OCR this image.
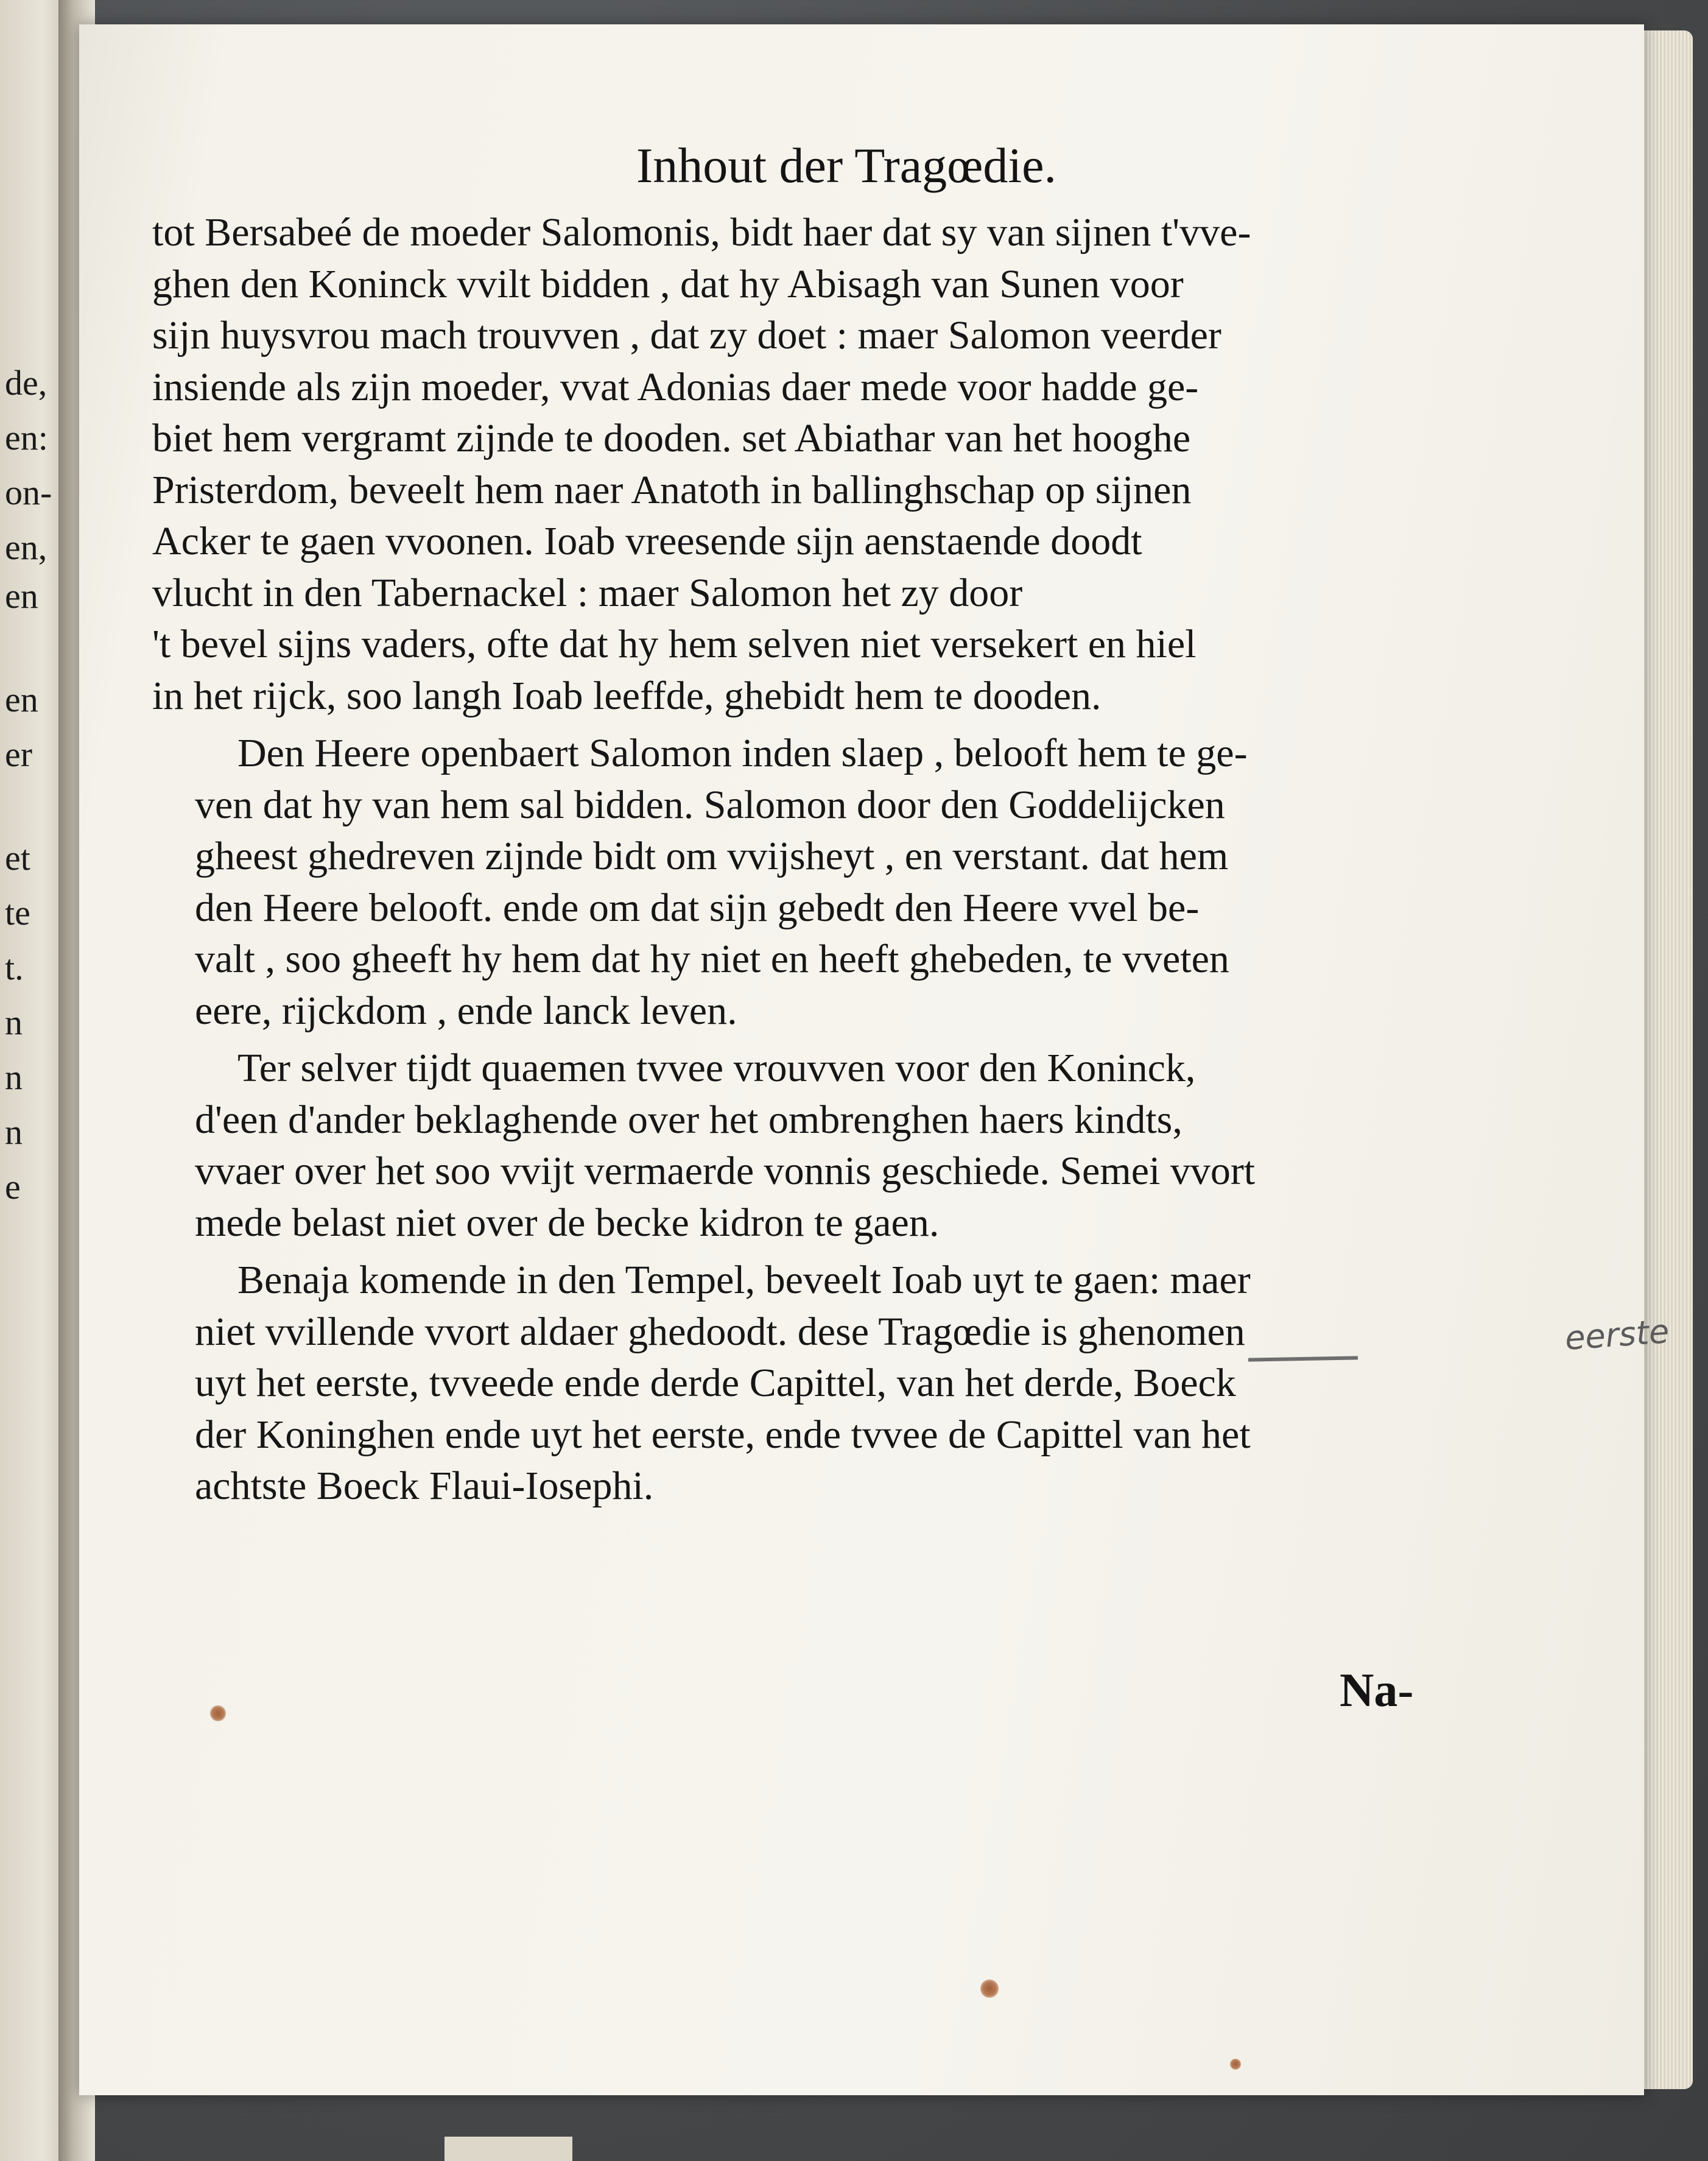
de,
en:
on-
en,
en
en
er
et
te
t.
n
n
n
e
Inhout der Tragœdie.
tot Bersabeé de moeder Salomonis, bidt haer dat sy van sijnen t'vve-
ghen den Koninck vvilt bidden , dat hy Abisagh van Sunen voor
sijn huysvrou mach trouvven , dat zy doet : maer Salomon veerder
insiende als zijn moeder, vvat Adonias daer mede voor hadde ge-
biet hem vergramt zijnde te dooden. set Abiathar van het hooghe
Pristerdom, beveelt hem naer Anatoth in ballinghschap op sijnen
Acker te gaen vvoonen. Ioab vreesende sijn aenstaende doodt
vlucht in den Tabernackel : maer Salomon het zy door
't bevel sijns vaders, ofte dat hy hem selven niet versekert en hiel
in het rijck, soo langh Ioab leeffde, ghebidt hem te dooden.
Den Heere openbaert Salomon inden slaep , belooft hem te ge-
ven dat hy van hem sal bidden. Salomon door den Goddelijcken
gheest ghedreven zijnde bidt om vvijsheyt , en verstant. dat hem
den Heere belooft. ende om dat sijn gebedt den Heere vvel be-
valt , soo gheeft hy hem dat hy niet en heeft ghebeden, te vveten
eere, rijckdom , ende lanck leven.
Ter selver tijdt quaemen tvvee vrouvven voor den Koninck,
d'een d'ander beklaghende over het ombrenghen haers kindts,
vvaer over het soo vvijt vermaerde vonnis geschiede. Semei vvort
mede belast niet over de becke kidron te gaen.
Benaja komende in den Tempel, beveelt Ioab uyt te gaen: maer
niet vvillende vvort aldaer ghedoodt. dese Tragœdie is ghenomen
uyt het eerste, tvveede ende derde Capittel, van het derde, Boeck
der Koninghen ende uyt het eerste, ende tvvee de Capittel van het
achtste Boeck Flaui-Iosephi.
eerste
Na-
